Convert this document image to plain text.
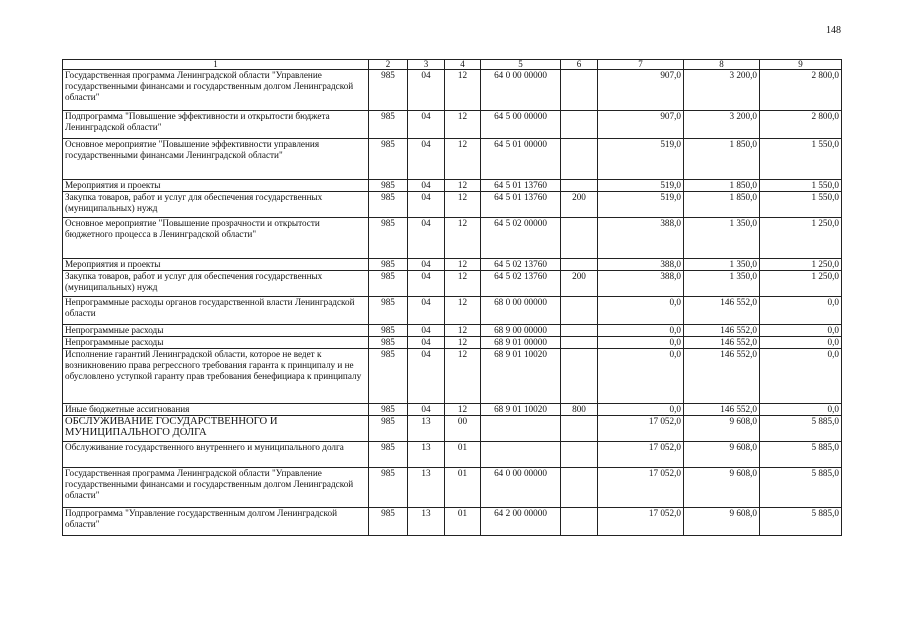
148
1	2	3	4	5	6	7	8	9
Государственная программа Ленинградской области "Управление государственными финансами и государственным долгом Ленинградской области"	985	04	12	64 0 00 00000		907,0	3 200,0	2 800,0
Подпрограмма "Повышение эффективности и открытости бюджета Ленинградской области"	985	04	12	64 5 00 00000		907,0	3 200,0	2 800,0
Основное мероприятие "Повышение эффективности управления государственными финансами Ленинградской области"	985	04	12	64 5 01 00000		519,0	1 850,0	1 550,0
Мероприятия и проекты	985	04	12	64 5 01 13760		519,0	1 850,0	1 550,0
Закупка товаров, работ и услуг для обеспечения государственных (муниципальных) нужд	985	04	12	64 5 01 13760	200	519,0	1 850,0	1 550,0
Основное мероприятие "Повышение прозрачности и открытости бюджетного процесса в Ленинградской области"	985	04	12	64 5 02 00000		388,0	1 350,0	1 250,0
Мероприятия и проекты	985	04	12	64 5 02 13760		388,0	1 350,0	1 250,0
Закупка товаров, работ и услуг для обеспечения государственных (муниципальных) нужд	985	04	12	64 5 02 13760	200	388,0	1 350,0	1 250,0
Непрограммные расходы органов государственной власти Ленинградской области	985	04	12	68 0 00 00000		0,0	146 552,0	0,0
Непрограммные расходы	985	04	12	68 9 00 00000		0,0	146 552,0	0,0
Непрограммные расходы	985	04	12	68 9 01 00000		0,0	146 552,0	0,0
Исполнение гарантий Ленинградской области, которое не ведет к возникновению права регрессного требования гаранта к принципалу и не обусловлено уступкой гаранту прав требования бенефициара к принципалу	985	04	12	68 9 01 10020		0,0	146 552,0	0,0
Иные бюджетные ассигнования	985	04	12	68 9 01 10020	800	0,0	146 552,0	0,0
ОБСЛУЖИВАНИЕ ГОСУДАРСТВЕННОГО И МУНИЦИПАЛЬНОГО ДОЛГА	985	13	00			17 052,0	9 608,0	5 885,0
Обслуживание государственного внутреннего и муниципального долга	985	13	01			17 052,0	9 608,0	5 885,0
Государственная программа Ленинградской области "Управление государственными финансами и государственным долгом Ленинградской области"	985	13	01	64 0 00 00000		17 052,0	9 608,0	5 885,0
Подпрограмма "Управление государственным долгом Ленинградской области"	985	13	01	64 2 00 00000		17 052,0	9 608,0	5 885,0
